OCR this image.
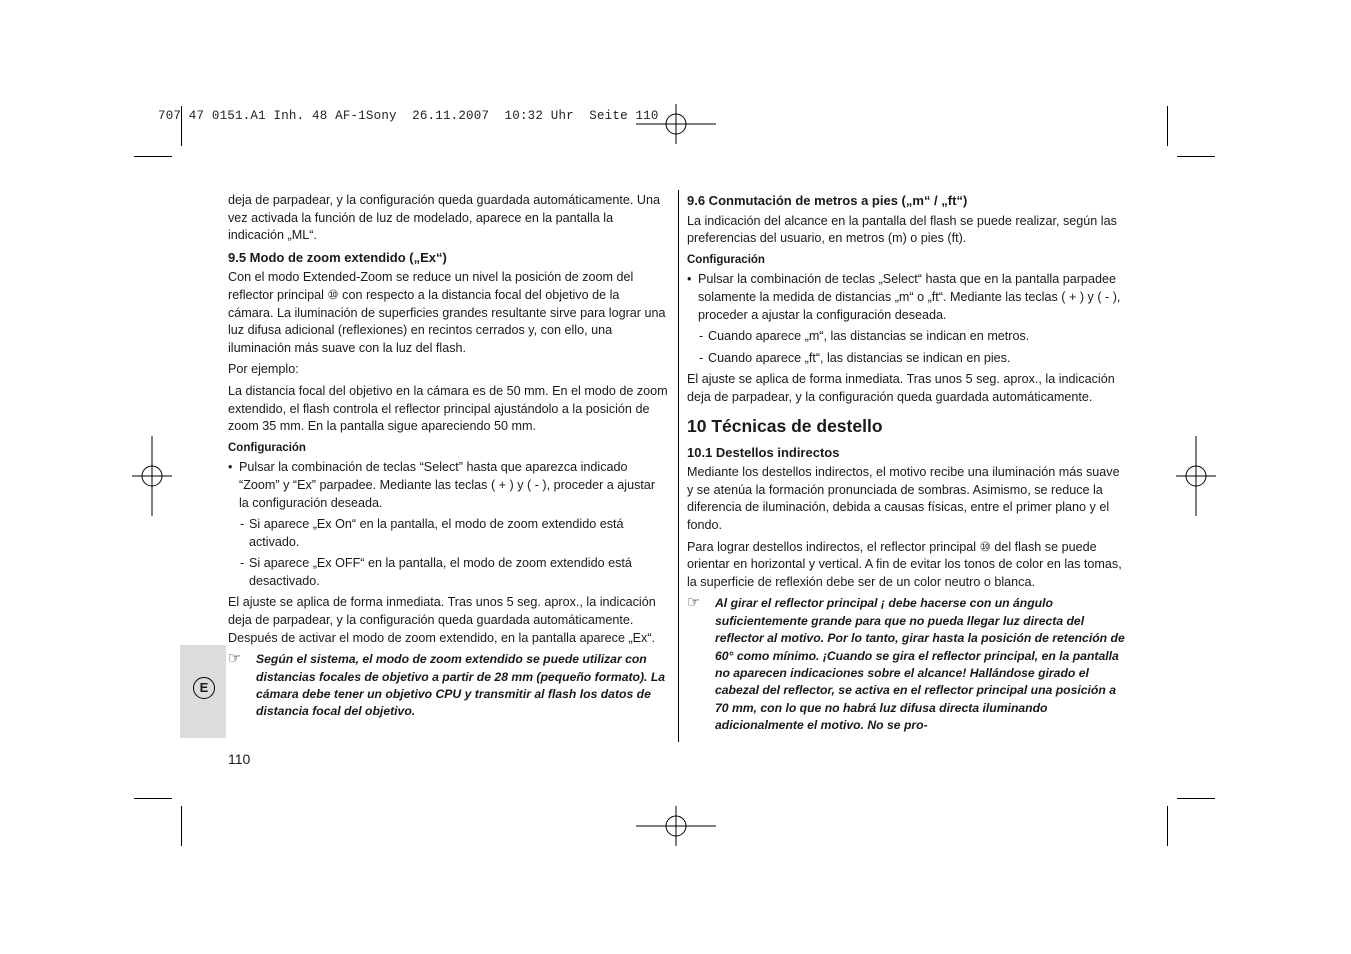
707 47 0151.A1 Inh. 48 AF-1Sony  26.11.2007  10:32 Uhr  Seite 110
E

deja de parpadear, y la configuración queda guardada automáticamente. Una vez activada la función de luz de modelado, aparece en la pantalla la indicación „ML“.

9.5 Modo de zoom extendido („Ex“)

Con el modo Extended-Zoom se reduce un nivel la posición de zoom del reflector principal ⑩ con respecto a la distancia focal del objetivo de la cámara. La iluminación de superficies grandes resultante sirve para lograr una luz difusa adicional (reflexiones) en recintos cerrados y, con ello, una iluminación más suave con la luz del flash.

Por ejemplo:

La distancia focal del objetivo en la cámara es de 50 mm. En el modo de zoom extendido, el flash controla el reflector principal ajustándolo a la posición de zoom 35 mm. En la pantalla sigue apareciendo 50 mm.

Configuración
• Pulsar la combinación de teclas “Select” hasta que aparezca indicado “Zoom” y “Ex” parpadee. Mediante las teclas ( + ) y ( - ), proceder a ajustar la configuración deseada.
- Si aparece „Ex On“ en la pantalla, el modo de zoom extendido está activado.
- Si aparece „Ex OFF“ en la pantalla, el modo de zoom extendido está desactivado.

El ajuste se aplica de forma inmediata. Tras unos 5 seg. aprox., la indicación deja de parpadear, y la configuración queda guardada automáticamente. Después de activar el modo de zoom extendido, en la pantalla aparece „Ex“.

☞ Según el sistema, el modo de zoom extendido se puede utilizar con distancias focales de objetivo a partir de 28 mm (pequeño formato). La cámara debe tener un objetivo CPU y transmitir al flash los datos de distancia focal del objetivo.
9.6 Conmutación de metros a pies („m“ / „ft“)

La indicación del alcance en la pantalla del flash se puede realizar, según las preferencias del usuario, en metros (m) o pies (ft).

Configuración
• Pulsar la combinación de teclas „Select“ hasta que en la pantalla parpadee solamente la medida de distancias „m“ o „ft“. Mediante las teclas ( + ) y ( - ), proceder a ajustar la configuración deseada.
- Cuando aparece „m“, las distancias se indican en metros.
- Cuando aparece „ft“, las distancias se indican en pies.

El ajuste se aplica de forma inmediata. Tras unos 5 seg. aprox., la indicación deja de parpadear, y la configuración queda guardada automáticamente.

10 Técnicas de destello
10.1 Destellos indirectos

Mediante los destellos indirectos, el motivo recibe una iluminación más suave y se atenúa la formación pronunciada de sombras. Asimismo, se reduce la diferencia de iluminación, debida a causas físicas, entre el primer plano y el fondo.

Para lograr destellos indirectos, el reflector principal ⑩ del flash se puede orientar en horizontal y vertical. A fin de evitar los tonos de color en las tomas, la superficie de reflexión debe ser de un color neutro o blanca.

☞ Al girar el reflector principal ¡ debe hacerse con un ángulo suficientemente grande para que no pueda llegar luz directa del reflector al motivo. Por lo tanto, girar hasta la posición de retención de 60° como mínimo. ¡Cuando se gira el reflector principal, en la pantalla no aparecen indicaciones sobre el alcance! Hallándose girado el cabezal del reflector, se activa en el reflector principal una posición a 70 mm, con lo que no habrá luz difusa directa iluminando adicionalmente el motivo. No se pro-
110
